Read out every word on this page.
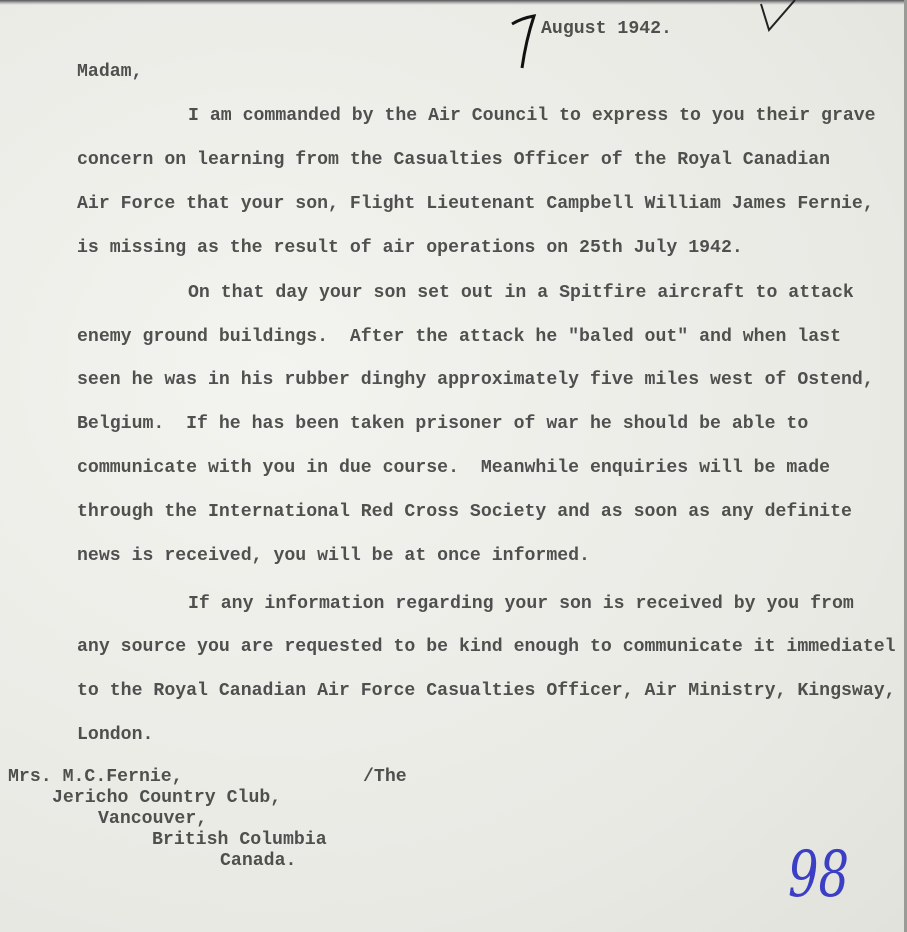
August 1942.
Madam,
I am commanded by the Air Council to express to you their grave
concern on learning from the Casualties Officer of the Royal Canadian
Air Force that your son, Flight Lieutenant Campbell William James Fernie,
is missing as the result of air operations on 25th July 1942.
On that day your son set out in a Spitfire aircraft to attack
enemy ground buildings.  After the attack he "baled out" and when last
seen he was in his rubber dinghy approximately five miles west of Ostend,
Belgium.  If he has been taken prisoner of war he should be able to
communicate with you in due course.  Meanwhile enquiries will be made
through the International Red Cross Society and as soon as any definite
news is received, you will be at once informed.
If any information regarding your son is received by you from
any source you are requested to be kind enough to communicate it immediatel
to the Royal Canadian Air Force Casualties Officer, Air Ministry, Kingsway,
London.
Mrs. M.C.Fernie,	/The
Jericho Country Club,
Vancouver,
British Columbia
Canada.	98
